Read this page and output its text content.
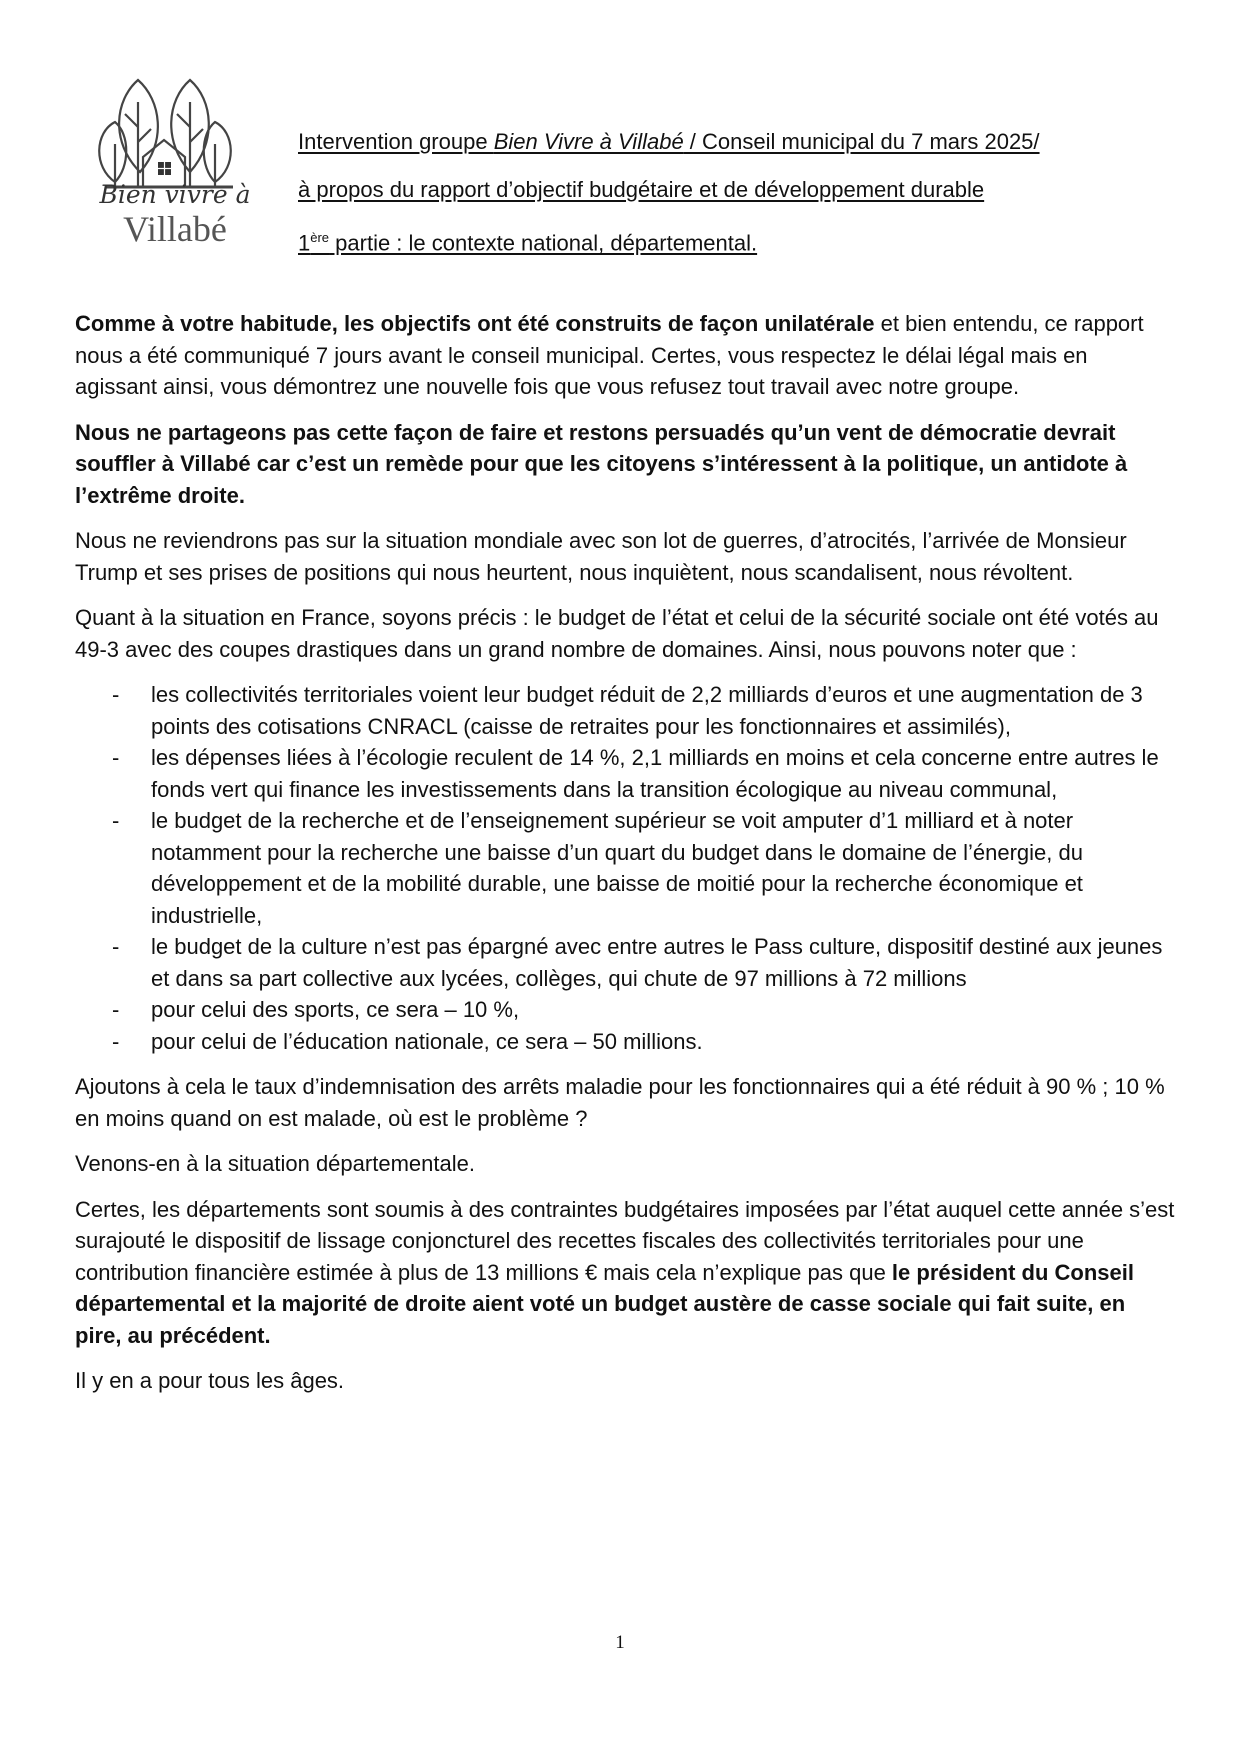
Bien vivre à
Villabé
Intervention groupe Bien Vivre à Villabé / Conseil municipal du 7 mars 2025/
à propos du rapport d’objectif budgétaire et de développement durable
1ère partie : le contexte national, départemental.

Comme à votre habitude, les objectifs ont été construits de façon unilatérale et bien entendu, ce rapport nous a été communiqué 7 jours avant le conseil municipal. Certes, vous respectez le délai légal mais en agissant ainsi, vous démontrez une nouvelle fois que vous refusez tout travail avec notre groupe.

Nous ne partageons pas cette façon de faire et restons persuadés qu’un vent de démocratie devrait souffler à Villabé car c’est un remède pour que les citoyens s’intéressent à la politique, un antidote à l’extrême droite.

Nous ne reviendrons pas sur la situation mondiale avec son lot de guerres, d’atrocités, l’arrivée de Monsieur Trump et ses prises de positions qui nous heurtent, nous inquiètent, nous scandalisent, nous révoltent.

Quant à la situation en France, soyons précis : le budget de l’état et celui de la sécurité sociale ont été votés au 49-3 avec des coupes drastiques dans un grand nombre de domaines. Ainsi, nous pouvons noter que :

- les collectivités territoriales voient leur budget réduit de 2,2 milliards d’euros et une augmentation de 3 points des cotisations CNRACL (caisse de retraites pour les fonctionnaires et assimilés),
- les dépenses liées à l’écologie reculent de 14 %, 2,1 milliards en moins et cela concerne entre autres le fonds vert qui finance les investissements dans la transition écologique au niveau communal,
- le budget de la recherche et de l’enseignement supérieur se voit amputer d’1 milliard et à noter notamment pour la recherche une baisse d’un quart du budget dans le domaine de l’énergie, du développement et de la mobilité durable, une baisse de moitié pour la recherche économique et industrielle,
- le budget de la culture n’est pas épargné avec entre autres le Pass culture, dispositif destiné aux jeunes et dans sa part collective aux lycées, collèges, qui chute de 97 millions à 72 millions
- pour celui des sports, ce sera – 10 %,
- pour celui de l’éducation nationale, ce sera – 50 millions.

Ajoutons à cela le taux d’indemnisation des arrêts maladie pour les fonctionnaires qui a été réduit à 90 % ; 10 % en moins quand on est malade, où est le problème ?

Venons-en à la situation départementale.

Certes, les départements sont soumis à des contraintes budgétaires imposées par l’état auquel cette année s’est surajouté le dispositif de lissage conjoncturel des recettes fiscales des collectivités territoriales pour une contribution financière estimée à plus de 13 millions € mais cela n’explique pas que le président du Conseil départemental et la majorité de droite aient voté un budget austère de casse sociale qui fait suite, en pire, au précédent.

Il y en a pour tous les âges.

1
